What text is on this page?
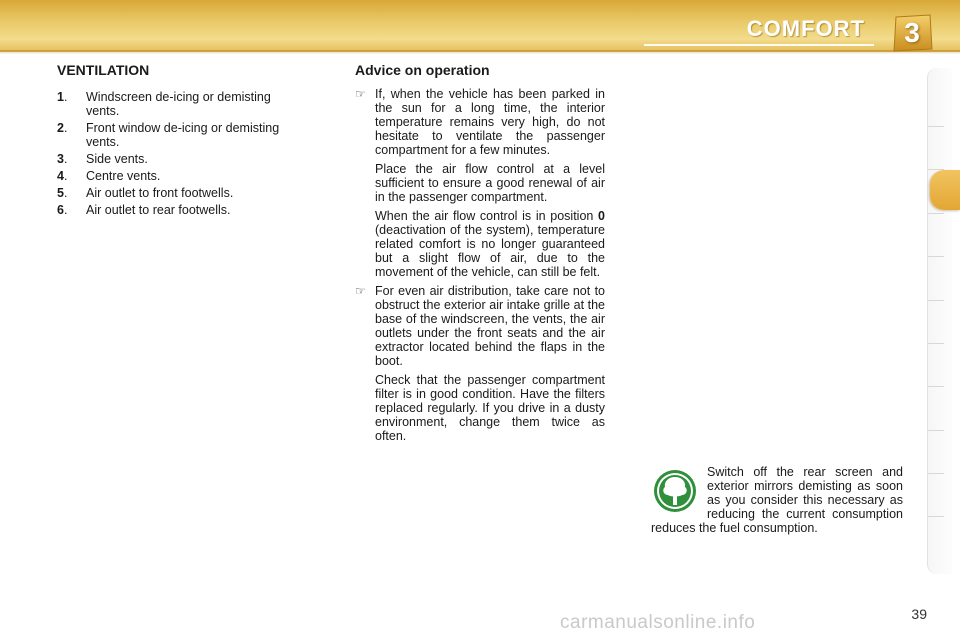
COMFORT	3
VENTILATION
1 . Windscreen de-icing or demisting vents.
2 . Front window de-icing or demisting vents.
3 . Side vents.
4 . Centre vents.
5 . Air outlet to front footwells.
6 . Air outlet to rear footwells.
Advice on operation

☞ If, when the vehicle has been parked in the sun for a long time, the interior temperature remains very high, do not hesitate to ventilate the passenger compartment for a few minutes.

Place the air flow control at a level sufficient to ensure a good renewal of air in the passenger compartment.

When the air flow control is in position 0 (deactivation of the system), temperature related comfort is no longer guaranteed but a slight flow of air, due to the movement of the vehicle, can still be felt.

☞ For even air distribution, take care not to obstruct the exterior air intake grille at the base of the windscreen, the vents, the air outlets under the front seats and the air extractor located behind the flaps in the boot.

Check that the passenger compartment filter is in good condition. Have the filters replaced regularly. If you drive in a dusty environment, change them twice as often.

Switch off the rear screen and exterior mirrors demisting as soon as you consider this necessary as reducing the current consumption reduces the fuel consumption.
39
carmanualsonline.info
